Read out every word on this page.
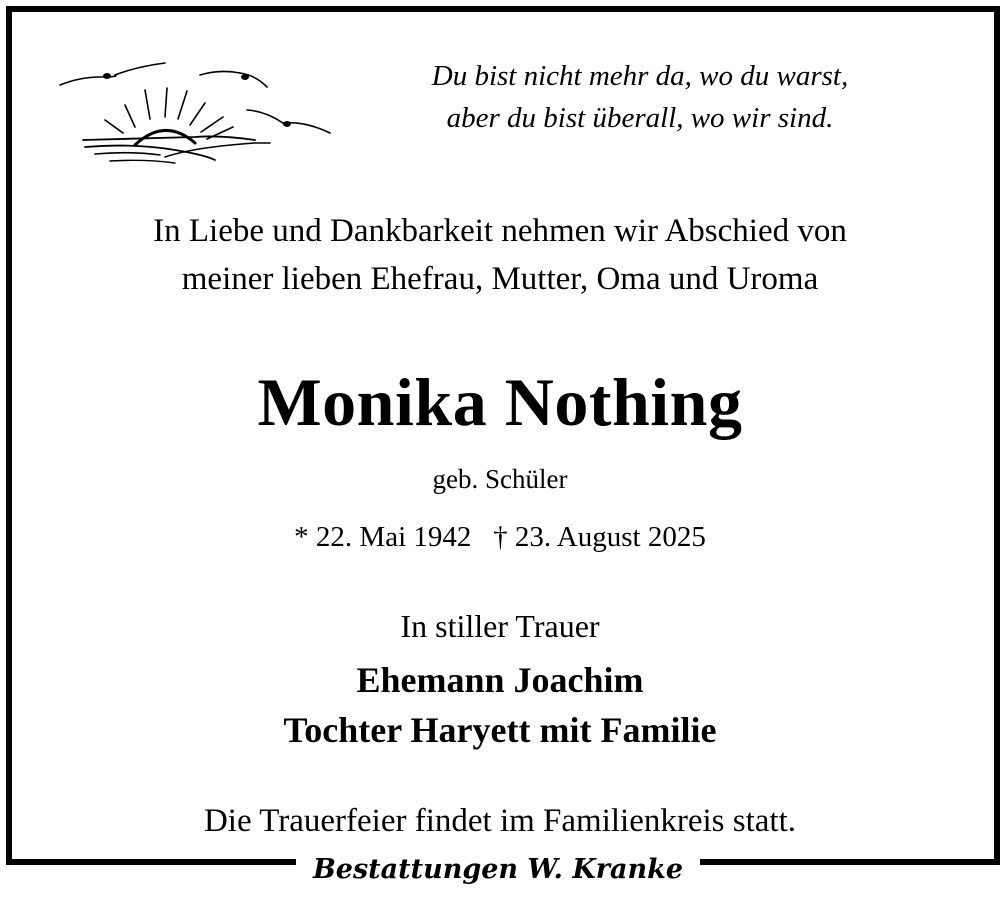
Du bist nicht mehr da, wo du warst,
aber du bist überall, wo wir sind.
In Liebe und Dankbarkeit nehmen wir Abschied von
meiner lieben Ehefrau, Mutter, Oma und Uroma
Monika Nothing
geb. Schüler
* 22. Mai 1942   † 23. August 2025
In stiller Trauer
Ehemann Joachim
Tochter Haryett mit Familie
Die Trauerfeier findet im Familienkreis statt.
Bestattungen W. Kranke
